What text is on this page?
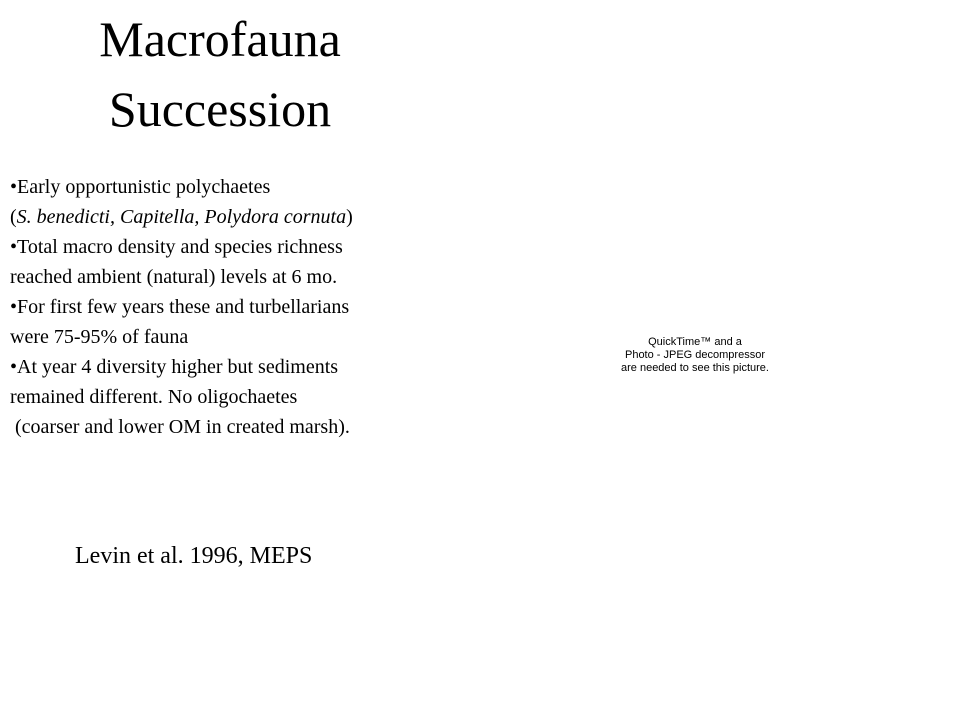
Macrofauna
Succession
•Early opportunistic polychaetes
(S. benedicti, Capitella, Polydora cornuta)
•Total macro density and species richness
reached ambient (natural) levels at 6 mo.
•For first few years these and turbellarians
were 75-95% of fauna
•At year 4 diversity higher but sediments
remained different. No oligochaetes
(coarser and lower OM in created marsh).
Levin et al. 1996, MEPS
QuickTime™ and a
Photo - JPEG decompressor
are needed to see this picture.
